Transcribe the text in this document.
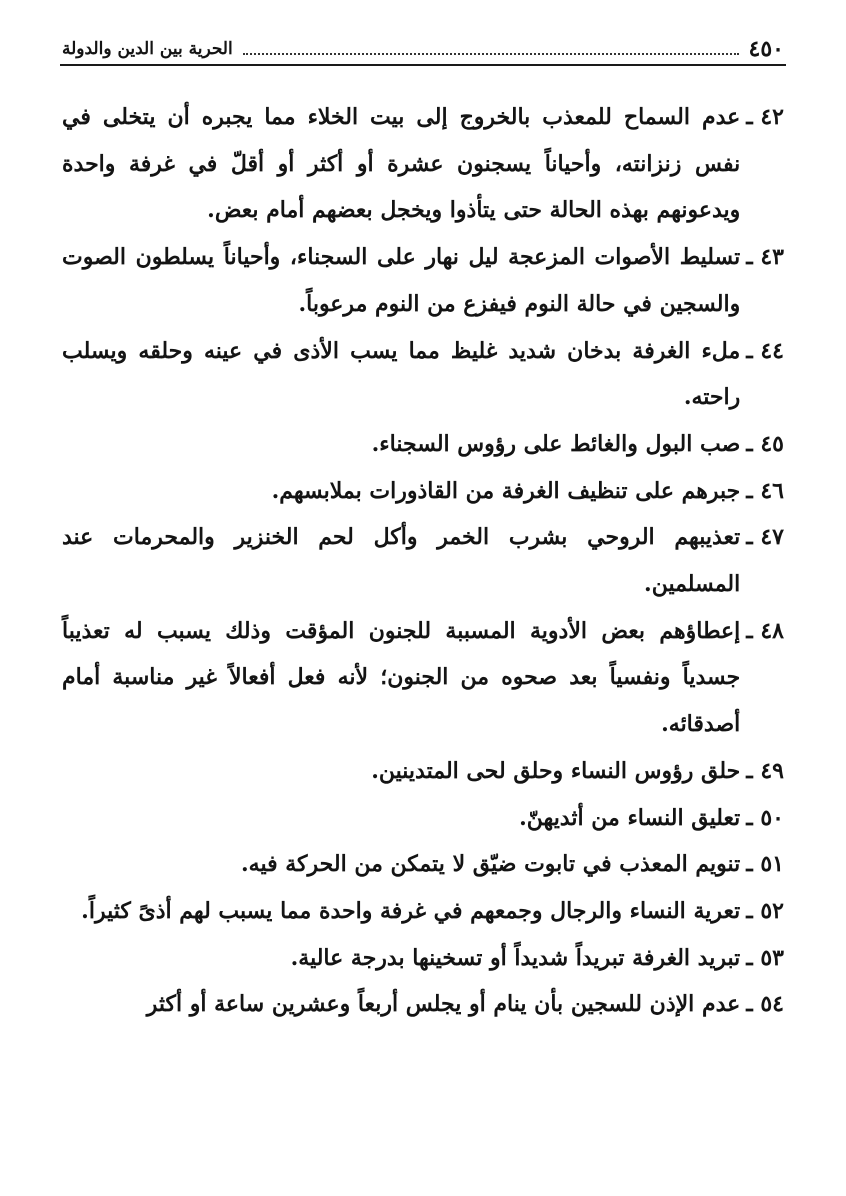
٤٥٠
الحرية بين الدين والدولة

٤٢ ـ
عدم السماح للمعذب بالخروج إلى بيت الخلاء مما يجبره أن يتخلى في نفس زنزانته، وأحياناً يسجنون عشرة أو أكثر أو أقلّ في غرفة واحدة ويدعونهم بهذه الحالة حتى يتأذوا ويخجل بعضهم أمام بعض.

٤٣ ـ
تسليط الأصوات المزعجة ليل نهار على السجناء، وأحياناً يسلطون الصوت والسجين في حالة النوم فيفزع من النوم مرعوباً.

٤٤ ـ
ملء الغرفة بدخان شديد غليظ مما يسب الأذى في عينه وحلقه ويسلب راحته.

٤٥ ـ
صب البول والغائط على رؤوس السجناء.

٤٦ ـ
جبرهم على تنظيف الغرفة من القاذورات بملابسهم.

٤٧ ـ
تعذيبهم الروحي بشرب الخمر وأكل لحم الخنزير والمحرمات عند المسلمين.

٤٨ ـ
إعطاؤهم بعض الأدوية المسببة للجنون المؤقت وذلك يسبب له تعذيباً جسدياً ونفسياً بعد صحوه من الجنون؛ لأنه فعل أفعالاً غير مناسبة أمام أصدقائه.

٤٩ ـ
حلق رؤوس النساء وحلق لحى المتدينين.

٥٠ ـ
تعليق النساء من أثديهنّ.

٥١ ـ
تنويم المعذب في تابوت ضيّق لا يتمكن من الحركة فيه.

٥٢ ـ
تعرية النساء والرجال وجمعهم في غرفة واحدة مما يسبب لهم أذىً كثيراً.

٥٣ ـ
تبريد الغرفة تبريداً شديداً أو تسخينها بدرجة عالية.

٥٤ ـ
عدم الإذن للسجين بأن ينام أو يجلس أربعاً وعشرين ساعة أو أكثر
